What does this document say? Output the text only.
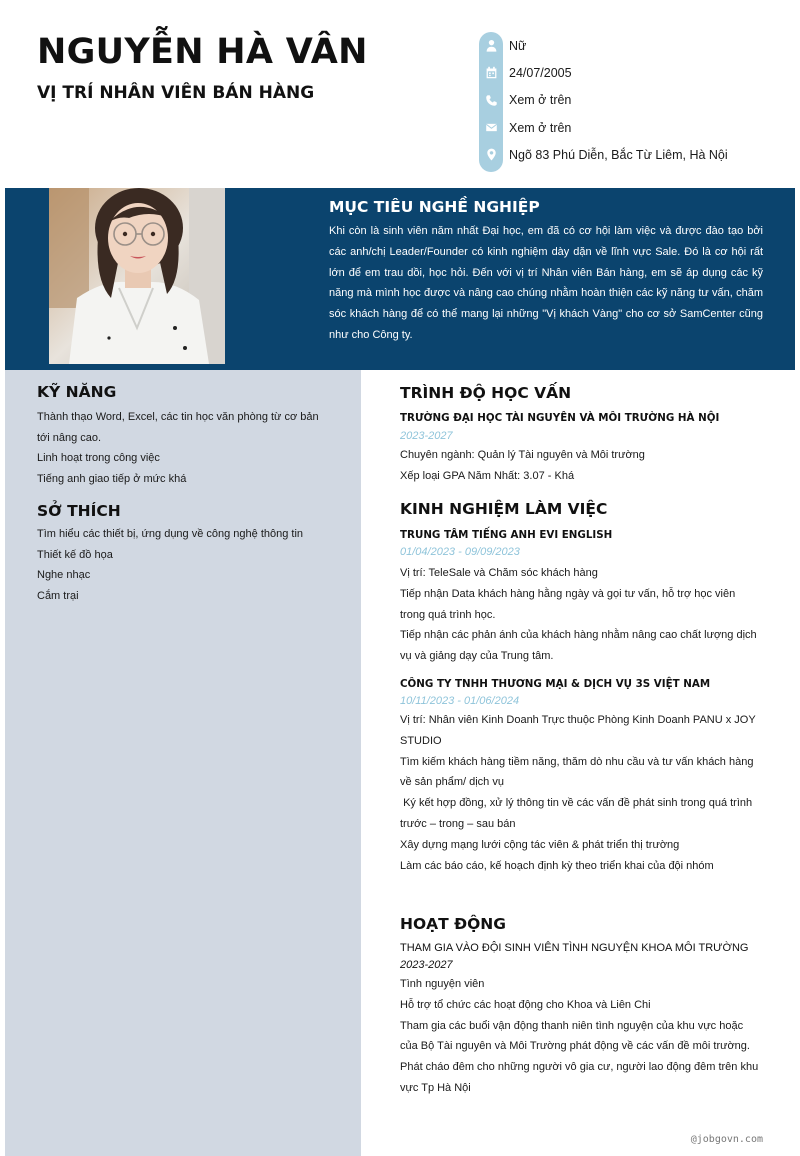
NGUYỄN HÀ VÂN
VỊ TRÍ NHÂN VIÊN BÁN HÀNG
Nữ
24/07/2005
Xem ở trên
Xem ở trên
Ngõ 83 Phú Diễn, Bắc Từ Liêm, Hà Nội
MỤC TIÊU NGHỀ NGHIỆP
Khi còn là sinh viên năm nhất Đại học, em đã có cơ hội làm việc và được đào tạo bởi các anh/chị Leader/Founder có kinh nghiệm dày dặn về lĩnh vực Sale. Đó là cơ hội rất lớn để em trau dồi, học hỏi. Đến với vị trí Nhân viên Bán hàng, em sẽ áp dụng các kỹ năng mà mình học được và nâng cao chúng nhằm hoàn thiện các kỹ năng tư vấn, chăm sóc khách hàng để có thể mang lại những "Vị khách Vàng" cho cơ sở SamCenter cũng như cho Công ty.
KỸ NĂNG
Thành thạo Word, Excel, các tin học văn phòng từ cơ bản tới nâng cao.
Linh hoạt trong công việc
Tiếng anh giao tiếp ở mức khá
SỞ THÍCH
Tìm hiểu các thiết bị, ứng dụng về công nghệ thông tin
Thiết kế đồ họa
Nghe nhạc
Cắm trại
TRÌNH ĐỘ HỌC VẤN
TRƯỜNG ĐẠI HỌC TÀI NGUYÊN VÀ MÔI TRƯỜNG HÀ NỘI
2023-2027
Chuyên ngành: Quản lý Tài nguyên và Môi trường
Xếp loại GPA Năm Nhất: 3.07 - Khá
KINH NGHIỆM LÀM VIỆC
TRUNG TÂM TIẾNG ANH EVI ENGLISH
01/04/2023 - 09/09/2023
Vị trí: TeleSale và Chăm sóc khách hàng
Tiếp nhận Data khách hàng hằng ngày và gọi tư vấn, hỗ trợ học viên trong quá trình học.
Tiếp nhận các phản ánh của khách hàng nhằm nâng cao chất lượng dịch vụ và giảng dạy của Trung tâm.
CÔNG TY TNHH THƯƠNG MẠI & DỊCH VỤ 3S VIỆT NAM
10/11/2023 - 01/06/2024
Vị trí: Nhân viên Kinh Doanh Trực thuộc Phòng Kinh Doanh PANU x JOY STUDIO
Tìm kiếm khách hàng tiềm năng, thăm dò nhu cầu và tư vấn khách hàng về sản phẩm/ dịch vụ
Ký kết hợp đồng, xử lý thông tin về các vấn đề phát sinh trong quá trình trước – trong – sau bán
Xây dựng mạng lưới cộng tác viên & phát triển thị trường
Làm các báo cáo, kế hoạch định kỳ theo triển khai của đội nhóm
HOẠT ĐỘNG
THAM GIA VÀO ĐỘI SINH VIÊN TÌNH NGUYỆN KHOA MÔI TRƯỜNG
2023-2027
Tình nguyện viên
Hỗ trợ tổ chức các hoạt động cho Khoa và Liên Chi
Tham gia các buổi vận động thanh niên tình nguyện của khu vực hoặc của Bộ Tài nguyên và Môi Trường phát động về các vấn đề môi trường.
Phát cháo đêm cho những người vô gia cư, người lao động đêm trên khu vực Tp Hà Nội
@jobgovn.com
